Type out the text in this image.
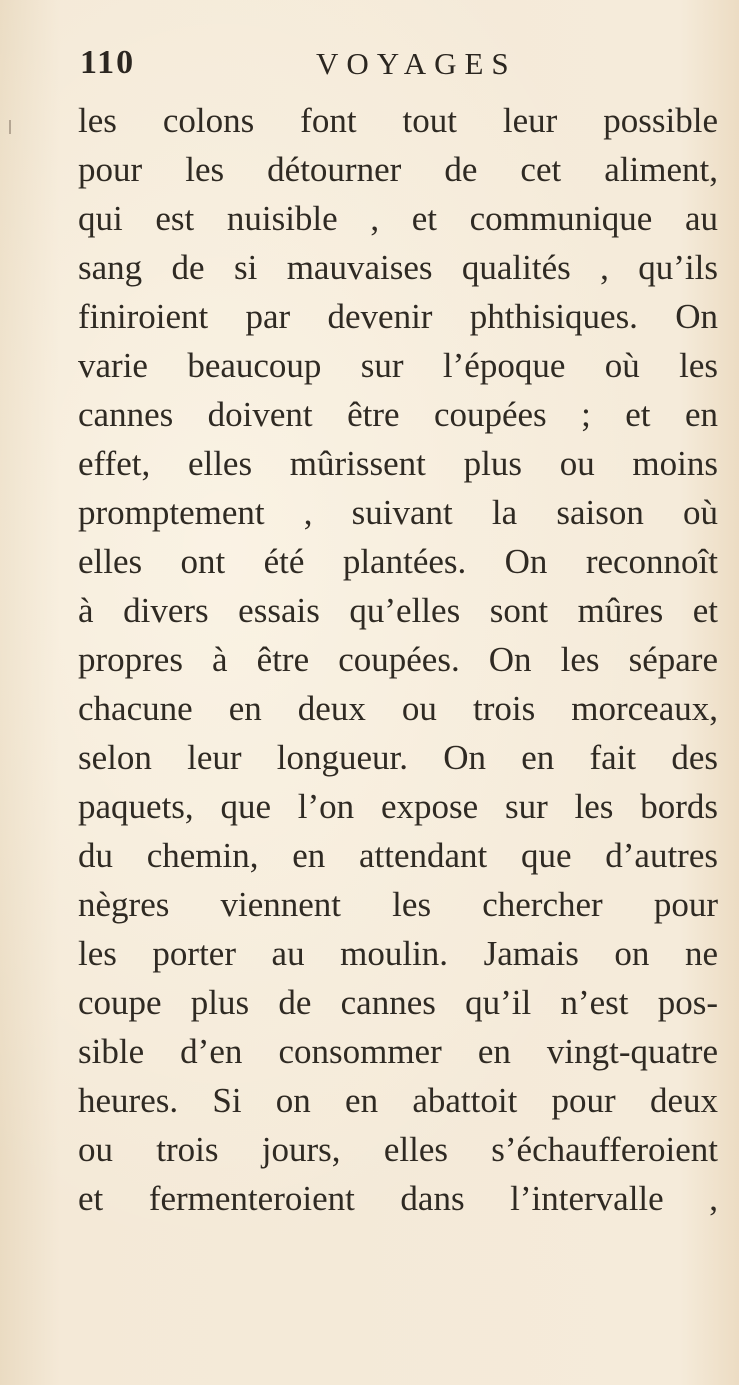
110	VOYAGES
les colons font tout leur possible
pour les détourner de cet aliment,
qui est nuisible , et communique au
sang de si mauvaises qualités , qu’ils
finiroient par devenir phthisiques. On
varie beaucoup sur l’époque où les
cannes doivent être coupées ; et en
effet, elles mûrissent plus ou moins
promptement , suivant la saison où
elles ont été plantées. On reconnoît
à divers essais qu’elles sont mûres et
propres à être coupées. On les sépare
chacune en deux ou trois morceaux,
selon leur longueur. On en fait des
paquets, que l’on expose sur les bords
du chemin, en attendant que d’autres
nègres viennent les chercher pour
les porter au moulin. Jamais on ne
coupe plus de cannes qu’il n’est pos-
sible d’en consommer en vingt-quatre
heures. Si on en abattoit pour deux
ou trois jours, elles s’échaufferoient
et fermenteroient dans l’intervalle ,
